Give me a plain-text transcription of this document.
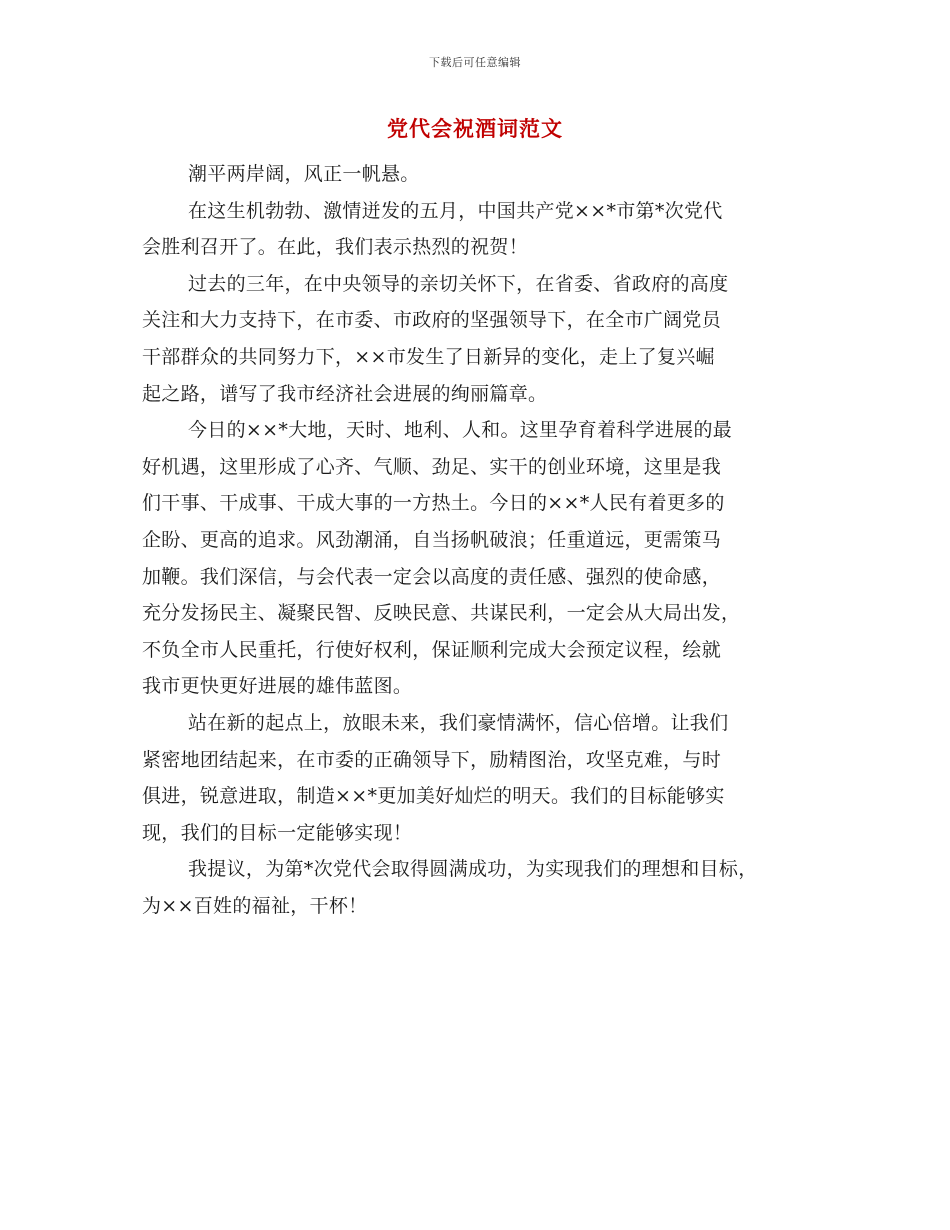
下载后可任意编辑
党代会祝酒词范文
潮平两岸阔，风正一帆悬。
在这生机勃勃、激情迸发的五月，中国共产党××*市第*次党代
会胜利召开了。在此，我们表示热烈的祝贺！
过去的三年，在中央领导的亲切关怀下，在省委、省政府的高度
关注和大力支持下，在市委、市政府的坚强领导下，在全市广阔党员
干部群众的共同努力下，××市发生了日新异的变化，走上了复兴崛
起之路，谱写了我市经济社会进展的绚丽篇章。
今日的××*大地，天时、地利、人和。这里孕育着科学进展的最
好机遇，这里形成了心齐、气顺、劲足、实干的创业环境，这里是我
们干事、干成事、干成大事的一方热土。今日的××*人民有着更多的
企盼、更高的追求。风劲潮涌，自当扬帆破浪；任重道远，更需策马
加鞭。我们深信，与会代表一定会以高度的责任感、强烈的使命感，
充分发扬民主、凝聚民智、反映民意、共谋民利，一定会从大局出发，
不负全市人民重托，行使好权利，保证顺利完成大会预定议程，绘就
我市更快更好进展的雄伟蓝图。
站在新的起点上，放眼未来，我们豪情满怀，信心倍增。让我们
紧密地团结起来，在市委的正确领导下，励精图治，攻坚克难，与时
俱进，锐意进取，制造××*更加美好灿烂的明天。我们的目标能够实
现，我们的目标一定能够实现！
我提议，为第*次党代会取得圆满成功，为实现我们的理想和目标，
为××百姓的福祉，干杯！
